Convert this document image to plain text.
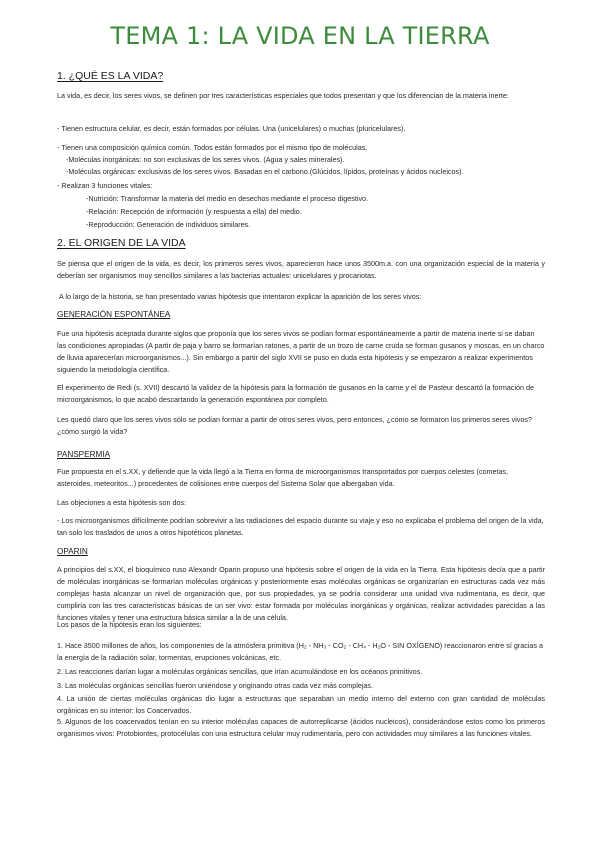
TEMA 1: LA VIDA EN LA TIERRA
1. ¿QUÉ ES LA VIDA?
La vida, es decir, los seres vivos, se definen por tres características especiales que todos presentan y que los diferencian de la materia inerte:
- Tienen estructura celular, es decir, están formados por células. Una (unicelulares) o muchas (pluricelulares).
- Tienen una composición química común. Todos están formados por el mismo tipo de moléculas.
-Moléculas inorgánicas: no son exclusivas de los seres vivos. (Agua y sales minerales).
-Moléculas orgánicas: exclusivas de los seres vivos. Basadas en el carbono.(Glúcidos, lípidos, proteínas y ácidos nucleicos).
- Realizan 3 funciones vitales:
-Nutrición: Transformar la materia del medio en desechos mediante el proceso digestivo.
-Relación: Recepción de información (y respuesta a ella) del medio.
-Reproducción: Generación de individuos similares.
2. EL ORIGEN DE LA VIDA
Se piensa que el origen de la vida, es decir, los primeros seres vivos, aparecieron hace unos 3500m.a. con una organización especial de la materia y deberían ser organismos muy sencillos similares a las bacterias actuales: unicelulares y procariotas.
A lo largo de la historia, se han presentado varias hipótesis que intentaron explicar la aparición de los seres vivos:
GENERACIÓN ESPONTÁNEA
Fue una hipótesis aceptada durante siglos que proponía que los seres vivos se podían formar espontáneamente a partir de materia inerte si se daban las condiciones apropiadas (A partir de paja y barro se formarían ratones, a partir de un trozo de carne cruda se forman gusanos y moscas, en un charco de lluvia aparecerían microorganismos...). Sin embargo a partir del siglo XVII se puso en duda esta hipótesis y se empezaron a realizar experimentos siguiendo la metodología científica.
El experimento de Redi (s. XVII) descartó la validez de la hipótesis para la formación de gusanos en la carne y el de Pasteur descartó la formación de microorganismos, lo que acabó descartando la generación espontánea por completo.
Les quedó claro que los seres vivos sólo se podían formar a partir de otros seres vivos, pero entonces, ¿cómo se formaron los primeros seres vivos? ¿cómo surgió la vida?
PANSPERMIA
Fue propuesta en el s.XX, y defiende que la vida llegó a la Tierra en forma de microorganismos transportados por cuerpos celestes (cometas, asteroides, meteoritos...) procedentes de colisiones entre cuerpos del Sistema Solar que albergaban vida.
Las objeciones a esta hipótesis son dos:
- Los microorganismos difícilmente podrían sobrevivir a las radiaciones del espacio durante su viaje y eso no explicaba el problema del origen de la vida, tan solo los traslados de unos a otros hipotéticos planetas.
OPARIN
A principios del s.XX, el bioquímico ruso Alexandr Oparin propuso una hipótesis sobre el origen de la vida en la Tierra. Esta hipótesis decía que a partir de moléculas inorgánicas se formarían moléculas orgánicas y posteriormente esas moléculas orgánicas se organizarían en estructuras cada vez más complejas hasta alcanzar un nivel de organización que, por sus propiedades, ya se podría considerar una unidad viva rudimentaria, es decir, que cumpliría con las tres características básicas de un ser vivo: estar formada por moléculas inorgánicas y orgánicas, realizar actividades parecidas a las funciones vitales y tener una estructura básica similar a la de una célula.
Los pasos de la hipótesis eran los siguientes:
1. Hace 3500 millones de años, los componentes de la atmósfera primitiva (H₂ - NH₃ - CO₂ - CH₄ - H₂O - SIN OXÍGENO) reaccionaron entre sí gracias a la energía de la radiación solar, tormentas, erupciones volcánicas, etc.
2. Las reacciones darían lugar a moléculas orgánicas sencillas, que irían acumulándose en los océanos primitivos.
3. Las moléculas orgánicas sencillas fueron uniéndose y originando otras cada vez más complejas.
4. La unión de ciertas moléculas orgánicas dio lugar a estructuras que separaban un medio interno del externo con gran cantidad de moléculas orgánicas en su interior: los Coacervados.
5. Algunos de los coacervados tenían en su interior moléculas capaces de autorreplicarse (ácidos nucleicos), considerándose estos como los primeros organismos vivos: Protobiontes, protocélulas con una estructura celular muy rudimentaria, pero con actividades muy similares a las funciones vitales.
